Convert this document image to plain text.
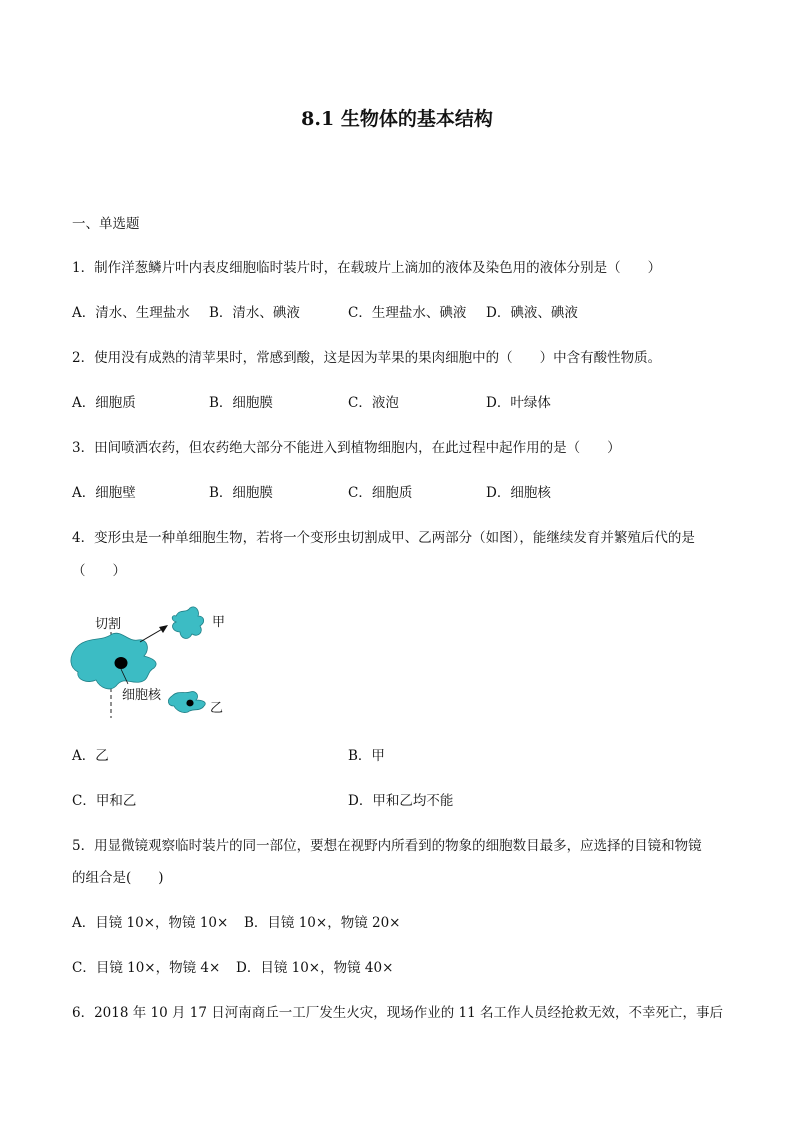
8.1 生物体的基本结构
一、单选题
1．制作洋葱鳞片叶内表皮细胞临时装片时，在载玻片上滴加的液体及染色用的液体分别是（　　）
A．清水、生理盐水 B．清水、碘液	C．生理盐水、碘液 D．碘液、碘液
2．使用没有成熟的清苹果时，常感到酸，这是因为苹果的果肉细胞中的（　　）中含有酸性物质。
A．细胞质	B．细胞膜	C．液泡	D．叶绿体
3．田间喷洒农药，但农药绝大部分不能进入到植物细胞内，在此过程中起作用的是（　　）
A．细胞壁	B．细胞膜	C．细胞质	D．细胞核
4．变形虫是一种单细胞生物，若将一个变形虫切割成甲、乙两部分（如图），能继续发育并繁殖后代的是
（　　）
切割	甲
细胞核
乙
A．乙	B．甲
C．甲和乙	D．甲和乙均不能
5．用显微镜观察临时装片的同一部位，要想在视野内所看到的物象的细胞数目最多，应选择的目镜和物镜
的组合是(　　)
A．目镜 10×，物镜 10× B．目镜 10×，物镜 20×
C．目镜 10×，物镜 4× D．目镜 10×，物镜 40×
6．2018 年 10 月 17 日河南商丘一工厂发生火灾，现场作业的 11 名工作人员经抢救无效，不幸死亡，事后
